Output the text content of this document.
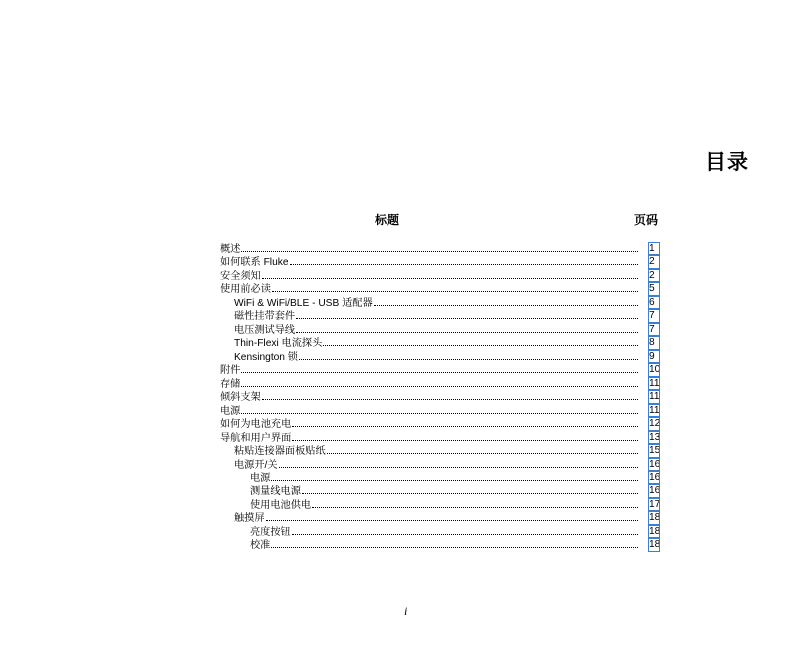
目录
标题	页码
概述	1
如何联系 Fluke	2
安全须知	2
使用前必读	5
WiFi & WiFi/BLE - USB 适配器	6
磁性挂带套件	7
电压测试导线	7
Thin-Flexi 电流探头	8
Kensington 锁	9
附件	10
存储	11
倾斜支架	11
电源	11
如何为电池充电	12
导航和用户界面	13
粘贴连接器面板贴纸	15
电源开/关	16
电源	16
测量线电源	16
使用电池供电	17
触摸屏	18
亮度按钮	18
校准	18
i
